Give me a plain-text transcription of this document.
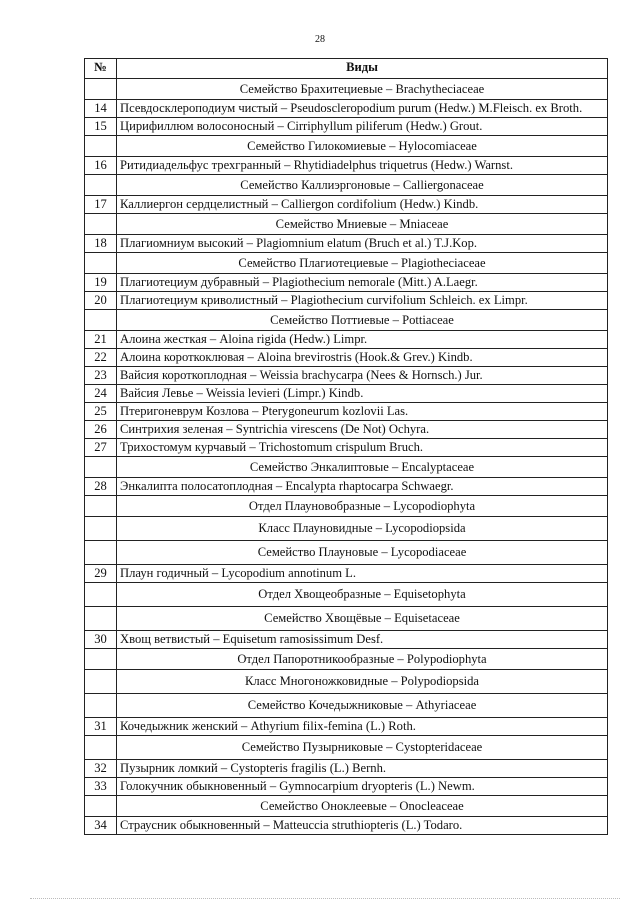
28
№	Виды
	Семейство Брахитециевые – Brachytheciaceae
14	Псевдосклероподиум чистый – Pseudoscleropodium purum (Hedw.) M.Fleisch. ex Broth.
15	Цирифиллюм волосоносный – Cirriphyllum piliferum (Hedw.) Grout.
	Семейство Гилокомиевые – Hylocomiaceae
16	Ритидиадельфус трехгранный – Rhytidiadelphus triquetrus (Hedw.) Warnst.
	Семейство Каллиэргоновые – Calliergonaceae
17	Каллиергон сердцелистный – Calliergon cordifolium (Hedw.) Kindb.
	Семейство Мниевые – Mniaceae
18	Плагиомниум высокий – Plagiomnium elatum (Bruch et al.) T.J.Kop.
	Семейство Плагиотециевые – Plagiotheciaceae
19	Плагиотециум дубравный – Plagiothecium nemorale (Mitt.) A.Laegr.
20	Плагиотециум криволистный – Plagiothecium curvifolium Schleich. ex Limpr.
	Семейство Поттиевые – Pottiaceae
21	Алоина жесткая – Aloina rigida (Hedw.) Limpr.
22	Алоина короткоклювая – Aloina brevirostris (Hook.& Grev.) Kindb.
23	Вайсия короткоплодная – Weissia brachycarpa (Nees & Hornsch.) Jur.
24	Вайсия Левье – Weissia levieri (Limpr.) Kindb.
25	Птеригоневрум Козлова – Pterygoneurum kozlovii Las.
26	Синтрихия зеленая – Syntrichia virescens (De Not) Ochyra.
27	Трихостомум курчавый – Trichostomum crispulum Bruch.
	Семейство Энкалиптовые – Encalyptaceae
28	Энкалипта полосатоплодная – Encalypta rhaptocarpa Schwaegr.
	Отдел Плауновобразные – Lycopodiophyta
	Класс Плауновидные – Lycopodiopsida
	Семейство Плауновые – Lycopodiaceae
29	Плаун годичный – Lycopodium annotinum L.
	Отдел Хвощеобразные – Equisetophyta
	Семейство Хвощёвые – Equisetaceae
30	Хвощ ветвистый – Equisetum ramosissimum Desf.
	Отдел Папоротникообразные – Polypodiophyta
	Класс Многоножковидные – Polypodiopsida
	Семейство Кочедыжниковые – Athyriaceae
31	Кочедыжник женский – Athyrium filix-femina (L.) Roth.
	Семейство Пузырниковые – Cystopteridaceae
32	Пузырник ломкий – Cystopteris fragilis (L.) Bernh.
33	Голокучник обыкновенный – Gymnocarpium dryopteris (L.) Newm.
	Семейство Оноклеевые – Onocleaceae
34	Страусник обыкновенный – Matteuccia struthiopteris (L.) Todaro.
